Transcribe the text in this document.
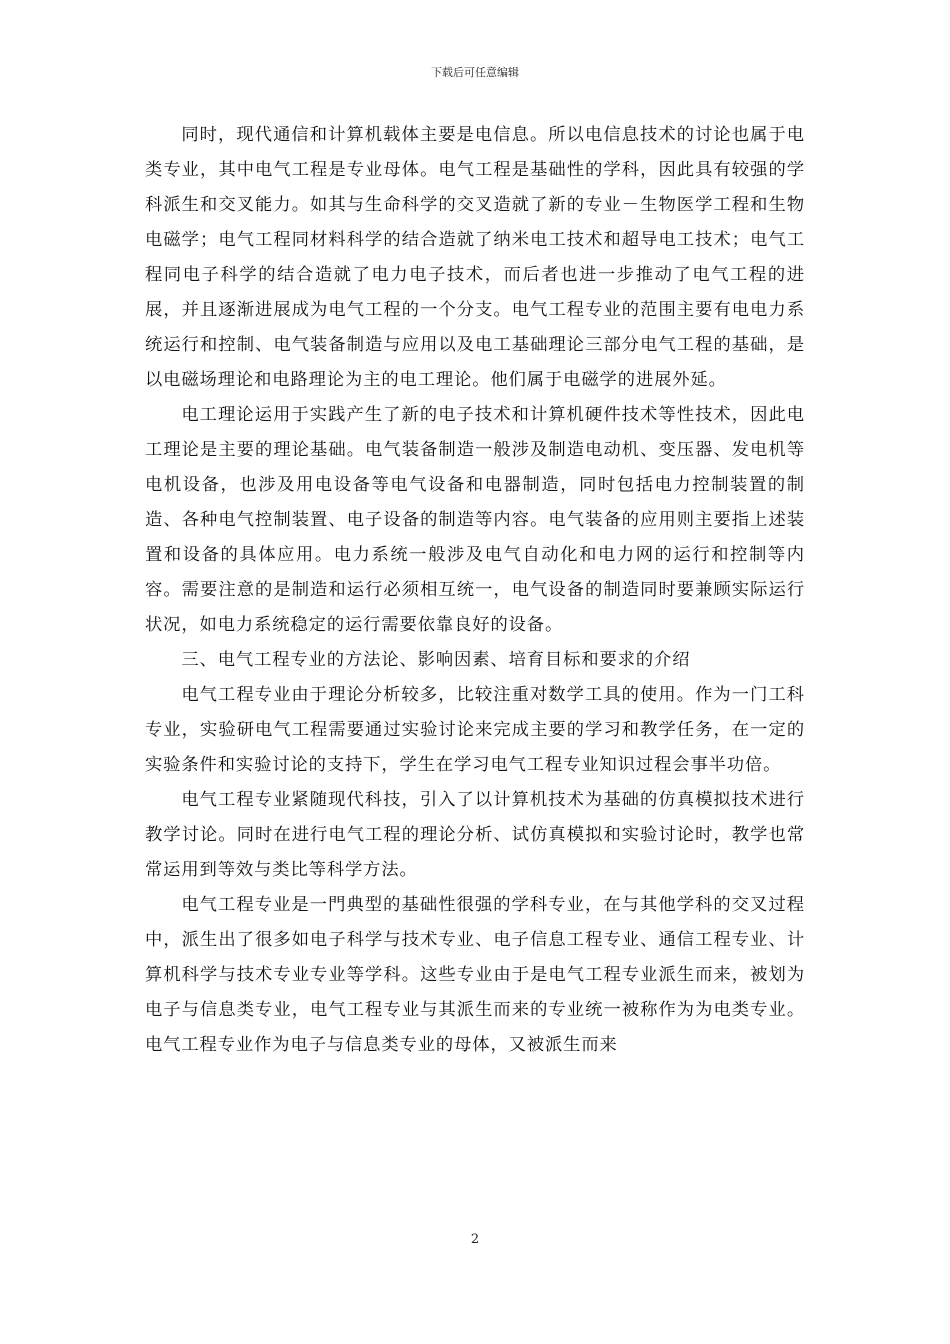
下载后可任意编辑

同时，现代通信和计算机载体主要是电信息。所以电信息技术的讨论也属于电类专业，其中电气工程是专业母体。电气工程是基础性的学科，因此具有较强的学科派生和交叉能力。如其与生命科学的交叉造就了新的专业－生物医学工程和生物电磁学；电气工程同材料科学的结合造就了纳米电工技术和超导电工技术；电气工程同电子科学的结合造就了电力电子技术，而后者也进一步推动了电气工程的进展，并且逐渐进展成为电气工程的一个分支。电气工程专业的范围主要有电电力系统运行和控制、电气装备制造与应用以及电工基础理论三部分电气工程的基础，是以电磁场理论和电路理论为主的电工理论。他们属于电磁学的进展外延。

电工理论运用于实践产生了新的电子技术和计算机硬件技术等性技术，因此电工理论是主要的理论基础。电气装备制造一般涉及制造电动机、变压器、发电机等电机设备，也涉及用电设备等电气设备和电器制造，同时包括电力控制装置的制造、各种电气控制装置、电子设备的制造等内容。电气装备的应用则主要指上述装置和设备的具体应用。电力系统一般涉及电气自动化和电力网的运行和控制等内容。需要注意的是制造和运行必须相互统一，电气设备的制造同时要兼顾实际运行状况，如电力系统稳定的运行需要依靠良好的设备。

三、电气工程专业的方法论、影响因素、培育目标和要求的介绍

电气工程专业由于理论分析较多，比较注重对数学工具的使用。作为一门工科专业，实验研电气工程需要通过实验讨论来完成主要的学习和教学任务，在一定的实验条件和实验讨论的支持下，学生在学习电气工程专业知识过程会事半功倍。

电气工程专业紧随现代科技，引入了以计算机技术为基础的仿真模拟技术进行教学讨论。同时在进行电气工程的理论分析、试仿真模拟和实验讨论时，教学也常常运用到等效与类比等科学方法。

电气工程专业是一門典型的基础性很强的学科专业，在与其他学科的交叉过程中，派生出了很多如电子科学与技术专业、电子信息工程专业、通信工程专业、计算机科学与技术专业专业等学科。这些专业由于是电气工程专业派生而来，被划为电子与信息类专业，电气工程专业与其派生而来的专业统一被称作为为电类专业。电气工程专业作为电子与信息类专业的母体，又被派生而来

2
